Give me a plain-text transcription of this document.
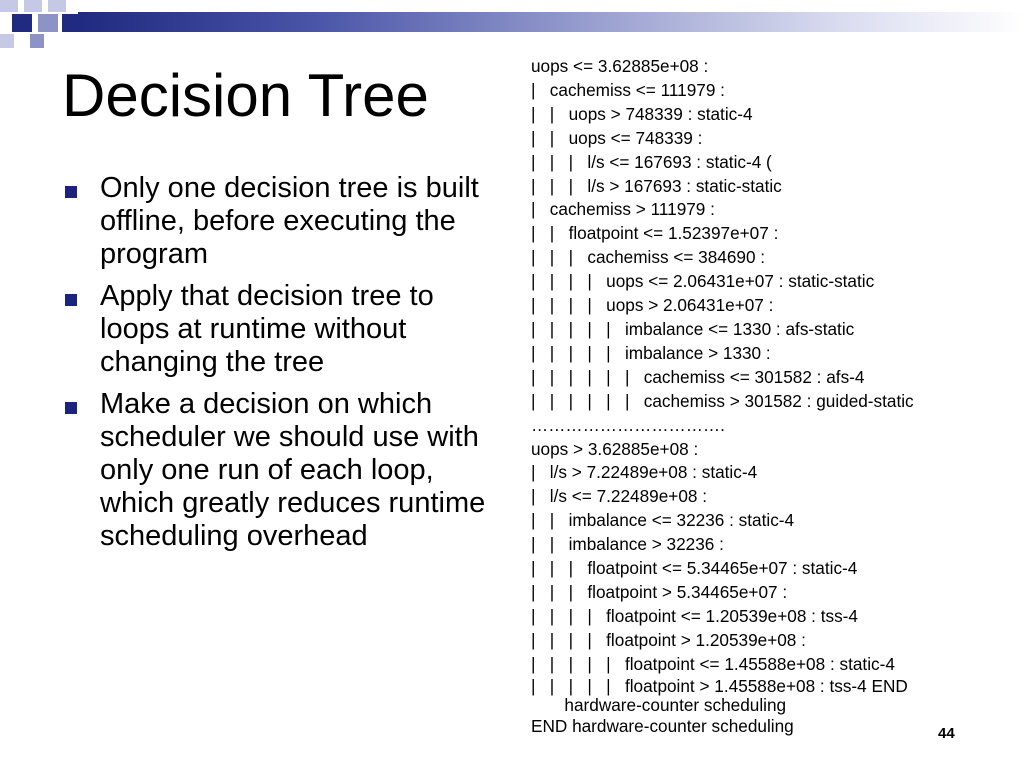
Decision Tree
Only one decision tree is built offline, before executing the program
Apply that decision tree to loops at runtime without changing the tree
Make a decision on which scheduler we should use with only one run of each loop, which greatly reduces runtime scheduling overhead
uops <= 3.62885e+08 :
|   cachemiss <= 111979 :
|   |   uops > 748339 : static-4
|   |   uops <= 748339 :
|   |   |   l/s <= 167693 : static-4 (
|   |   |   l/s > 167693 : static-static
|   cachemiss > 111979 :
|   |   floatpoint <= 1.52397e+07 :
|   |   |   cachemiss <= 384690 :
|   |   |   |   uops <= 2.06431e+07 : static-static
|   |   |   |   uops > 2.06431e+07 :
|   |   |   |   |   imbalance <= 1330 : afs-static
|   |   |   |   |   imbalance > 1330 :
|   |   |   |   |   |   cachemiss <= 301582 : afs-4
|   |   |   |   |   |   cachemiss > 301582 : guided-static
…………………………….
uops > 3.62885e+08 :
|   l/s > 7.22489e+08 : static-4
|   l/s <= 7.22489e+08 :
|   |   imbalance <= 32236 : static-4
|   |   imbalance > 32236 :
|   |   |   floatpoint <= 5.34465e+07 : static-4
|   |   |   floatpoint > 5.34465e+07 :
|   |   |   |   floatpoint <= 1.20539e+08 : tss-4
|   |   |   |   floatpoint > 1.20539e+08 :
|   |   |   |   |   floatpoint <= 1.45588e+08 : static-4
|   |   |   |   |   floatpoint > 1.45588e+08 : tss-4 END
hardware-counter scheduling
END hardware-counter scheduling	44
